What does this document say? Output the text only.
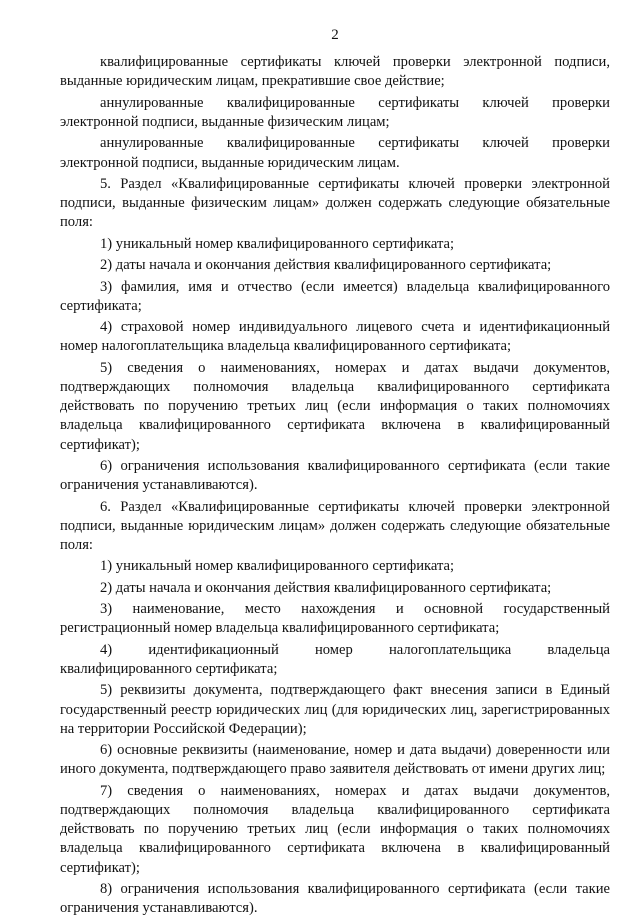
2

квалифицированные сертификаты ключей проверки электронной подписи, выданные юридическим лицам, прекратившие свое действие;

аннулированные квалифицированные сертификаты ключей проверки электронной подписи, выданные физическим лицам;

аннулированные квалифицированные сертификаты ключей проверки электронной подписи, выданные юридическим лицам.

5. Раздел «Квалифицированные сертификаты ключей проверки электронной подписи, выданные физическим лицам» должен содержать следующие обязательные поля:

1) уникальный номер квалифицированного сертификата;

2) даты начала и окончания действия квалифицированного сертификата;

3) фамилия, имя и отчество (если имеется) владельца квалифицированного сертификата;

4) страховой номер индивидуального лицевого счета и идентификационный номер налогоплательщика владельца квалифицированного сертификата;

5) сведения о наименованиях, номерах и датах выдачи документов, подтверждающих полномочия владельца квалифицированного сертификата действовать по поручению третьих лиц (если информация о таких полномочиях владельца квалифицированного сертификата включена в квалифицированный сертификат);

6) ограничения использования квалифицированного сертификата (если такие ограничения устанавливаются).

6. Раздел «Квалифицированные сертификаты ключей проверки электронной подписи, выданные юридическим лицам» должен содержать следующие обязательные поля:

1) уникальный номер квалифицированного сертификата;

2) даты начала и окончания действия квалифицированного сертификата;

3) наименование, место нахождения и основной государственный регистрационный номер владельца квалифицированного сертификата;

4) идентификационный номер налогоплательщика владельца квалифицированного сертификата;

5) реквизиты документа, подтверждающего факт внесения записи в Единый государственный реестр юридических лиц (для юридических лиц, зарегистрированных на территории Российской Федерации);

6) основные реквизиты (наименование, номер и дата выдачи) доверенности или иного документа, подтверждающего право заявителя действовать от имени других лиц;

7) сведения о наименованиях, номерах и датах выдачи документов, подтверждающих полномочия владельца квалифицированного сертификата действовать по поручению третьих лиц (если информация о таких полномочиях владельца квалифицированного сертификата включена в квалифицированный сертификат);

8) ограничения использования квалифицированного сертификата (если такие ограничения устанавливаются).
